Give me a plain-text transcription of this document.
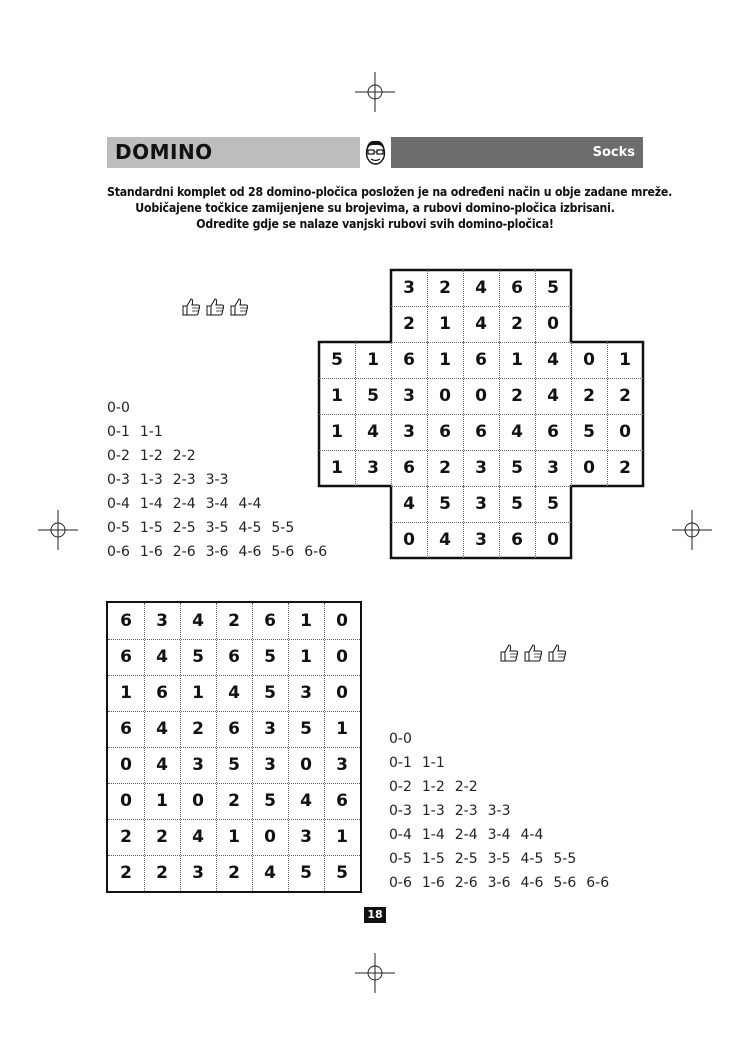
DOMINO	Socks
Standardni komplet od 28 domino-pločica posložen je na određeni način u obje zadane mreže.
Uobičajene točkice zamijenjene su brojevima, a rubovi domino-pločica izbrisani.
Odredite gdje se nalaze vanjski rubovi svih domino-pločica!
0-0
0-1 1-1
0-2 1-2 2-2
0-3 1-3 2-3 3-3
0-4 1-4 2-4 3-4 4-4
0-5 1-5 2-5 3-5 4-5 5-5
0-6 1-6 2-6 3-6 4-6 5-6 6-6
0-0
0-1 1-1
0-2 1-2 2-2
0-3 1-3 2-3 3-3
0-4 1-4 2-4 3-4 4-4
0-5 1-5 2-5 3-5 4-5 5-5
0-6 1-6 2-6 3-6 4-6 5-6 6-6
3	2	4	6	5
2	1	4	2	0
5	1	6	1	6	1	4	0	1
1	5	3	0	0	2	4	2	2
1	4	3	6	6	4	6	5	0
1	3	6	2	3	5	3	0	2
4	5	3	5	5
0	4	3	6	0
6	3	4	2	6	1	0
6	4	5	6	5	1	0
1	6	1	4	5	3	0
6	4	2	6	3	5	1
0	4	3	5	3	0	3
0	1	0	2	5	4	6
2	2	4	1	0	3	1
2	2	3	2	4	5	5
18
